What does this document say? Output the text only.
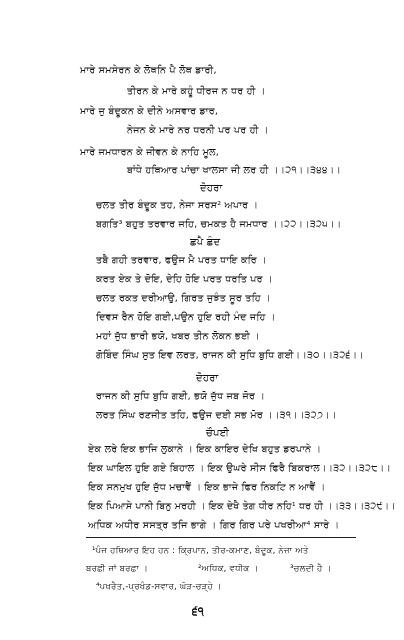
ਮਾਰੇ ਸਮਸੇਰਨ ਕੇ ਲੋਥਨਿ ਪੈ ਲੋਥ ਡਾਰੀ,
ਤੀਰਨ ਕੇ ਮਾਰੇ ਕਹੂੰ ਧੀਰਜ ਨ ਧਰ ਹੀ ।
ਮਾਰੇ ਜੁ ਬੰਦੂਕਨ ਕੇ ਦੀਨੇ ਅਸਵਾਰ ਡਾਰ,
ਨੇਜਨ ਕੇ ਮਾਰੇ ਨਰ ਧਰਨੀ ਪਰ ਪਰ ਹੀ ।
ਮਾਰੇ ਜਮਧਾਰਨ ਕੇ ਜੀਵਨ ਕੇ ਨਾਹਿ ਮੂਲ,
ਬਾਂਧੇ ਹਥਿਆਰ ਪਾਂਚਾ ਖਾਲਸਾ ਜੀ ਲਰ ਹੀ ।।੨੧।।੩੪੪।।
ਦੋਹਰਾ
ਚਲਤ ਤੀਰ ਬੰਦੂਕ ਤਹ, ਨੇਜਾ ਸਰਸ² ਅਪਾਰ ।
ਬਗਤਿ³ ਬਹੁਤ ਤਰਵਾਰ ਜਹਿ, ਚਮਕਤ ਹੈ ਜਮਧਾਰ ।।੨੨।।੩੨੫।।
ਛਪੈ ਛੰਦ
ਤਬੈ ਗਹੀ ਤਰਵਾਰ, ਫਉਜ ਮੈ ਪਰਤ ਧਾਇ ਕਰਿ ।
ਕਰਤ ਏਕ ਤੇ ਦੋਇ, ਦੇਹਿ ਹੋਇ ਪਰਤ ਧਰਤਿ ਪਰ ।
ਚਲਤ ਰਕਤ ਦਰੀਆਉ, ਗਿਰਤ ਜੁਝੰਤ ਸੂਰ ਤਹਿ ।
ਦਿਵਸ ਰੈਨ ਹੋਇ ਗਈ,ਪਉਨ ਹੁਇ ਰਹੀ ਮੰਦ ਜਹਿ ।
ਮਹਾਂ ਜੁੱਧ ਭਾਰੀ ਭਯੋ, ਖਬਰ ਤੀਨ ਲੋਕਨ ਭਈ ।
ਗੋਬਿੰਦ ਸਿੰਘ ਸੁਤ ਇਵ ਲਰਤ, ਰਾਜਨ ਕੀ ਸੁਧਿ ਬੁਧਿ ਗਈ।।੩੦।।੩੨੬।।
ਦੋਹਰਾ
ਰਾਜਨ ਕੀ ਸੁਧਿ ਬੁਧਿ ਗਈ, ਭਯੋ ਜੁੱਧ ਜਬ ਜੋਰ ।
ਲਰਤ ਸਿੰਘ ਰਣਜੀਤ ਤਹਿ, ਫਉਜ ਦਈ ਸਭ ਮੋਰ ।।੩੧।।੩੨੭।।
ਚੌਪਈ
ਏਕ ਲਰੇ ਇਕ ਭਾਜਿ ਲੁਕਾਨੇ । ਇਕ ਕਾਇਰ ਦੇਖਿ ਬਹੁਤ ਡਰਪਾਨੇ ।
ਇਕ ਘਾਇਲ ਹੁਇ ਗਏ ਬਿਹਾਲ । ਇਕ ਉਘਰੇ ਸੀਸ ਫਿਰੈ ਬਿਕਰਾਲ।।੩੨।।੩੨੮।।
ਇਕ ਸਨਮੁਖ ਹੁਇ ਜੁੱਧ ਮਚਾਵੈਂ । ਇਕ ਭਾਜੇ ਫਿਰ ਨਿਕਟਿ ਨ ਆਵੈਂ ।
ਇਕ ਪਿਆਸੇ ਪਾਨੀ ਬਿਨੁ ਮਰਹੀ । ਇਕ ਦੇਖੈ ਤੇਗ ਧੀਰ ਨਹਿ¹ ਧਰ ਹੀ ।।੩੩।।੩੨੯।।
ਅਧਿਕ ਅਧੀਰ ਸਸਤ੍ਰ ਤਜਿ ਭਾਗੇ । ਗਿਰ ਗਿਰ ਪਰੇ ਪਖਰੀਆ⁴ ਸਾਰੇ ।
¹ਪੰਜ ਹਥਿਆਰ ਇਹ ਹਨ : ਕ੍ਰਿਪਾਨ, ਤੀਰ-ਕਮਾਣ, ਬੰਦੂਕ, ਨੇਜ਼ਾ ਅਤੇ
ਬਰਛੀ ਜਾਂ ਬਰਛਾ ।	²ਅਧਿਕ, ਵਧੀਕ ।	³ਚਲਦੀ ਹੈ ।
⁴ਪਖਰੈਤ,-ਪ੍ਰਖੰਡ-ਸਵਾਰ, ਘੋੜ-ਚੜ੍ਹੇ ।
੬੧
